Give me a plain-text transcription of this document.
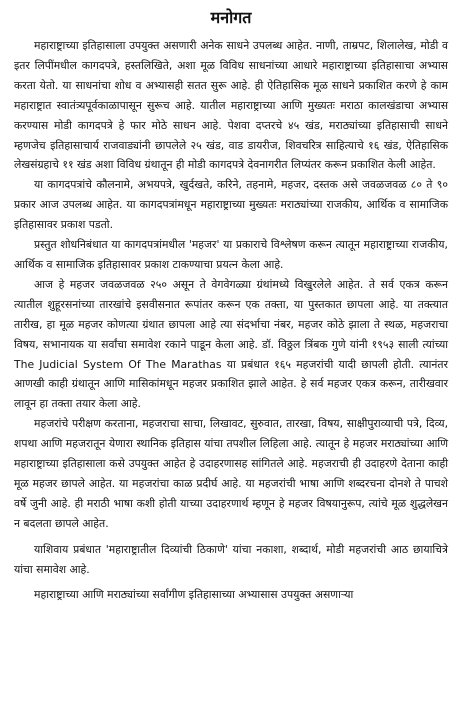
मनोगत

महाराष्ट्राच्या इतिहासाला उपयुक्त असणारी अनेक साधने उपलब्ध आहेत. नाणी, ताम्रपट, शिलालेख, मोडी व इतर लिपींमधील कागदपत्रे, हस्तलिखिते, अशा मूळ विविध साधनांच्या आधारे महाराष्ट्राच्या इतिहासाचा अभ्यास करता येतो. या साधनांचा शोध व अभ्यासही सतत सुरू आहे. ही ऐतिहासिक मूळ साधने प्रकाशित करणे हे काम महाराष्ट्रात स्वातंत्र्यपूर्वकाळापासून सुरूच आहे. यातील महाराष्ट्राच्या आणि मुख्यतः मराठा कालखंडाचा अभ्यास करण्यास मोडी कागदपत्रे हे फार मोठे साधन आहे. पेशवा दप्तरचे ४५ खंड, मराठ्यांच्या इतिहासाची साधने म्हणजेच इतिहासाचार्य राजवाड्यांनी छापलेले २५ खंड, वाड डायरीज, शिवचरित्र साहित्याचे १६ खंड, ऐतिहासिक लेखसंग्रहाचे ११ खंड अशा विविध ग्रंथातून ही मोडी कागदपत्रे देवनागरीत लिप्यंतर करून प्रकाशित केली आहेत.

या कागदपत्रांचे कौलनामे, अभयपत्रे, खुर्दखते, करिने, तहनामे, महजर, दस्तक असे जवळजवळ ८० ते ९० प्रकार आज उपलब्ध आहेत. या कागदपत्रांमधून महाराष्ट्राच्या मुख्यतः मराठ्यांच्या राजकीय, आर्थिक व सामाजिक इतिहासावर प्रकाश पडतो.

प्रस्तुत शोधनिबंधात या कागदपत्रांमधील 'महजर' या प्रकाराचे विश्लेषण करून त्यातून महाराष्ट्राच्या राजकीय, आर्थिक व सामाजिक इतिहासावर प्रकाश टाकण्याचा प्रयत्न केला आहे.

आज हे महजर जवळजवळ २५० असून ते वेगवेगळ्या ग्रंथांमध्ये विखुरलेले आहेत. ते सर्व एकत्र करून त्यातील शुहूरसनांच्या तारखांचे इसवीसनात रूपांतर करून एक तक्ता, या पुस्तकात छापला आहे. या तक्त्यात तारीख, हा मूळ महजर कोणत्या ग्रंथात छापला आहे त्या संदर्भाचा नंबर, महजर कोठे झाला ते स्थळ, महजराचा विषय, सभानायक या सर्वांचा समावेश रकाने पाडून केला आहे. डॉ. विठ्ठल त्रिंबक गुणे यांनी १९५३ साली त्यांच्या The Judicial System Of The Marathas या प्रबंधात १६५ महजरांची यादी छापली होती. त्यानंतर आणखी काही ग्रंथातून आणि मासिकांमधून महजर प्रकाशित झाले आहेत. हे सर्व महजर एकत्र करून, तारीखवार लावून हा तक्ता तयार केला आहे.

महजरांचे परीक्षण करताना, महजराचा साचा, लिखावट, सुरुवात, तारखा, विषय, साक्षीपुराव्याची पत्रे, दिव्य, शपथा आणि महजरातून येणारा स्थानिक इतिहास यांचा तपशील लिहिला आहे. त्यातून हे महजर मराठ्यांच्या आणि महाराष्ट्राच्या इतिहासाला कसे उपयुक्त आहेत हे उदाहरणासह सांगितले आहे. महजराची ही उदाहरणे देताना काही मूळ महजर छापले आहेत. या महजरांचा काळ प्रदीर्घ आहे. या महजरांची भाषा आणि शब्दरचना दोनशे ते पाचशे वर्षे जुनी आहे. ही मराठी भाषा कशी होती याच्या उदाहरणार्थ म्हणून हे महजर विषयानुरूप, त्यांचे मूळ शुद्धलेखन न बदलता छापले आहेत.

याशिवाय प्रबंधात 'महाराष्ट्रातील दिव्यांची ठिकाणे' यांचा नकाशा, शब्दार्थ, मोडी महजरांची आठ छायाचित्रे यांचा समावेश आहे.

महाराष्ट्राच्या आणि मराठ्यांच्या सर्वांगीण इतिहासाच्या अभ्यासास उपयुक्त असणाऱ्या
